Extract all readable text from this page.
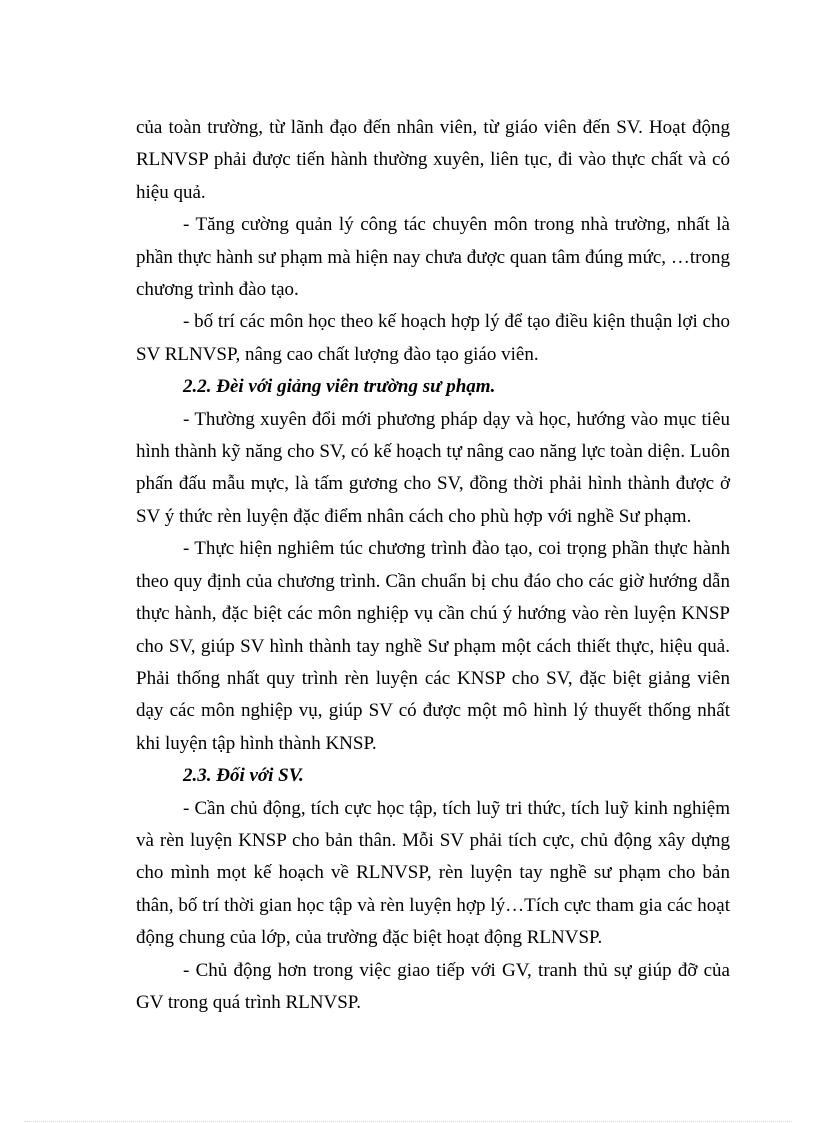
của toàn trường, từ lãnh đạo đến nhân viên, từ giáo viên đến SV. Hoạt động RLNVSP phải được tiến hành thường xuyên, liên tục, đi vào thực chất và có hiệu quả.

- Tăng cường quản lý công tác chuyên môn trong nhà trường, nhất là phần thực hành sư phạm mà hiện nay chưa được quan tâm đúng mức, …trong chương trình đào tạo.

- bố trí các môn học theo kế hoạch hợp lý để tạo điều kiện thuận lợi cho SV RLNVSP, nâng cao chất lượng đào tạo giáo viên.

2.2. Đèi với giảng viên trường sư phạm.

- Thường xuyên đổi mới phương pháp dạy và học, hướng vào mục tiêu hình thành kỹ năng cho SV, có kế hoạch tự nâng cao năng lực toàn diện. Luôn phấn đấu mẫu mực, là tấm gương cho SV, đồng thời phải hình thành được ở SV ý thức rèn luyện đặc điểm nhân cách cho phù hợp với nghề Sư phạm.

- Thực hiện nghiêm túc chương trình đào tạo, coi trọng phần thực hành theo quy định của chương trình. Cần chuẩn bị chu đáo cho các giờ hướng dẫn thực hành, đặc biệt các môn nghiệp vụ cần chú ý hướng vào rèn luyện KNSP cho SV, giúp SV hình thành tay nghề Sư phạm một cách thiết thực, hiệu quả. Phải thống nhất quy trình rèn luyện các KNSP cho SV, đặc biệt giảng viên dạy các môn nghiệp vụ, giúp SV có được một mô hình lý thuyết thống nhất khi luyện tập hình thành KNSP.

2.3. Đối với SV.

- Cần chủ động, tích cực học tập, tích luỹ tri thức, tích luỹ kinh nghiệm và rèn luyện KNSP cho bản thân. Mỗi SV phải tích cực, chủ động xây dựng cho mình mọt kế hoạch về RLNVSP, rèn luyện tay nghề sư phạm cho bản thân, bố trí thời gian học tập và rèn luyện hợp lý…Tích cực tham gia các hoạt động chung của lớp, của trường đặc biệt hoạt động RLNVSP.

- Chủ động hơn trong việc giao tiếp với GV, tranh thủ sự giúp đỡ của GV trong quá trình RLNVSP.
